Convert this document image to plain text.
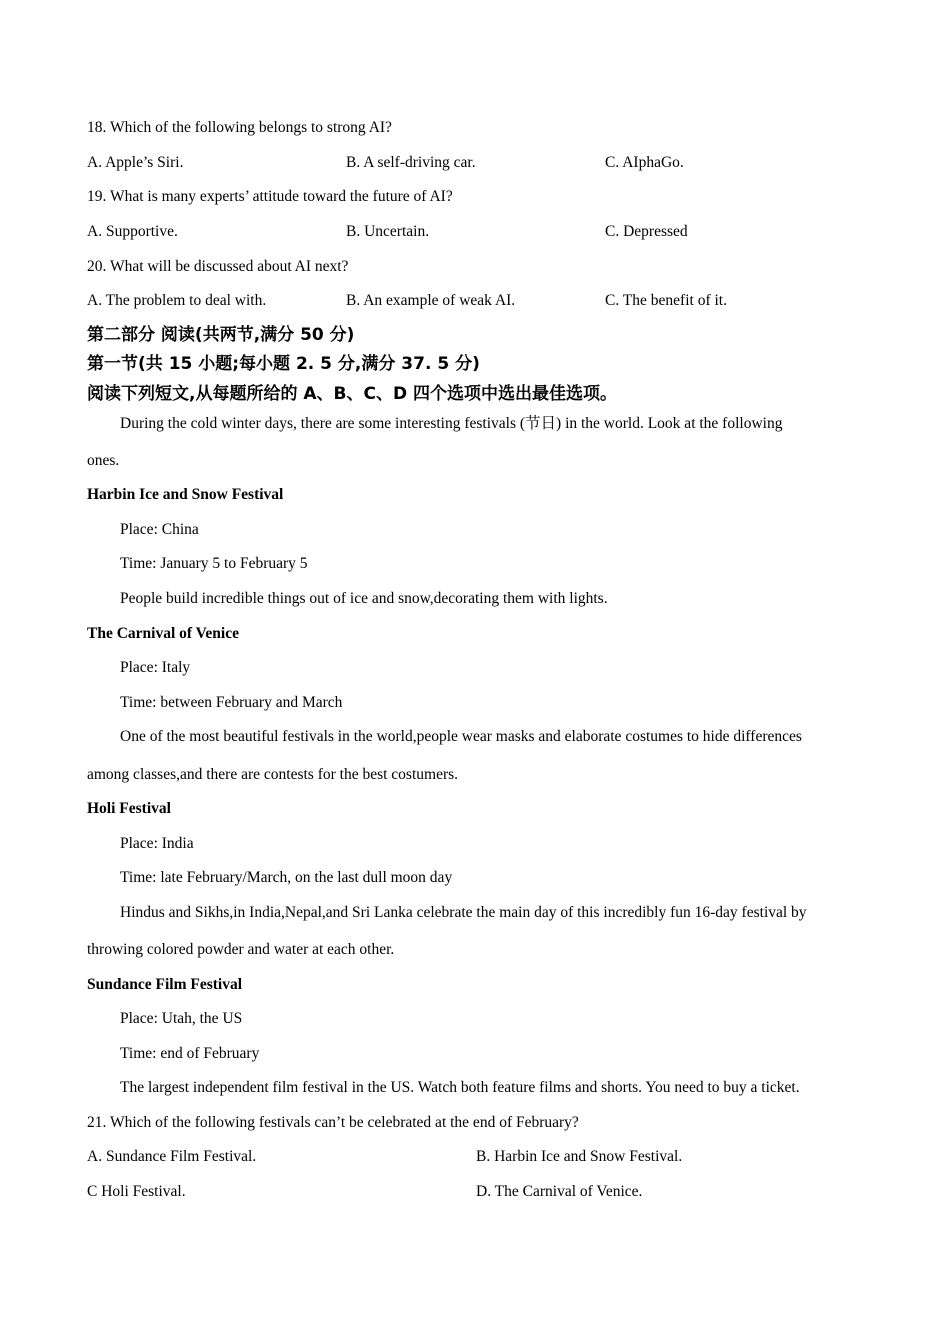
18. Which of the following belongs to strong AI?
A. Apple’s Siri.	B. A self-driving car.	C. AIphaGo.
19. What is many experts’ attitude toward the future of AI?
A. Supportive.	B. Uncertain.	C. Depressed
20. What will be discussed about AI next?
A. The problem to deal with.	B. An example of weak AI.	C. The benefit of it.
第二部分 阅读(共两节,满分 50 分)
第一节(共 15 小题;每小题 2. 5 分,满分 37. 5 分)
阅读下列短文,从每题所给的 A、B、C、D 四个选项中选出最佳选项。
During the cold winter days, there are some interesting festivals (节日) in the world. Look at the following
ones.
Harbin Ice and Snow Festival
Place: China
Time: January 5 to February 5
People build incredible things out of ice and snow,decorating them with lights.
The Carnival of Venice
Place: Italy
Time: between February and March
One of the most beautiful festivals in the world,people wear masks and elaborate costumes to hide differences
among classes,and there are contests for the best costumers.
Holi Festival
Place: India
Time: late February/March, on the last dull moon day
Hindus and Sikhs,in India,Nepal,and Sri Lanka celebrate the main day of this incredibly fun 16-day festival by
throwing colored powder and water at each other.
Sundance Film Festival
Place: Utah, the US
Time: end of February
The largest independent film festival in the US. Watch both feature films and shorts. You need to buy a ticket.
21. Which of the following festivals can’t be celebrated at the end of February?
A. Sundance Film Festival.	B. Harbin Ice and Snow Festival.
C Holi Festival.	D. The Carnival of Venice.
